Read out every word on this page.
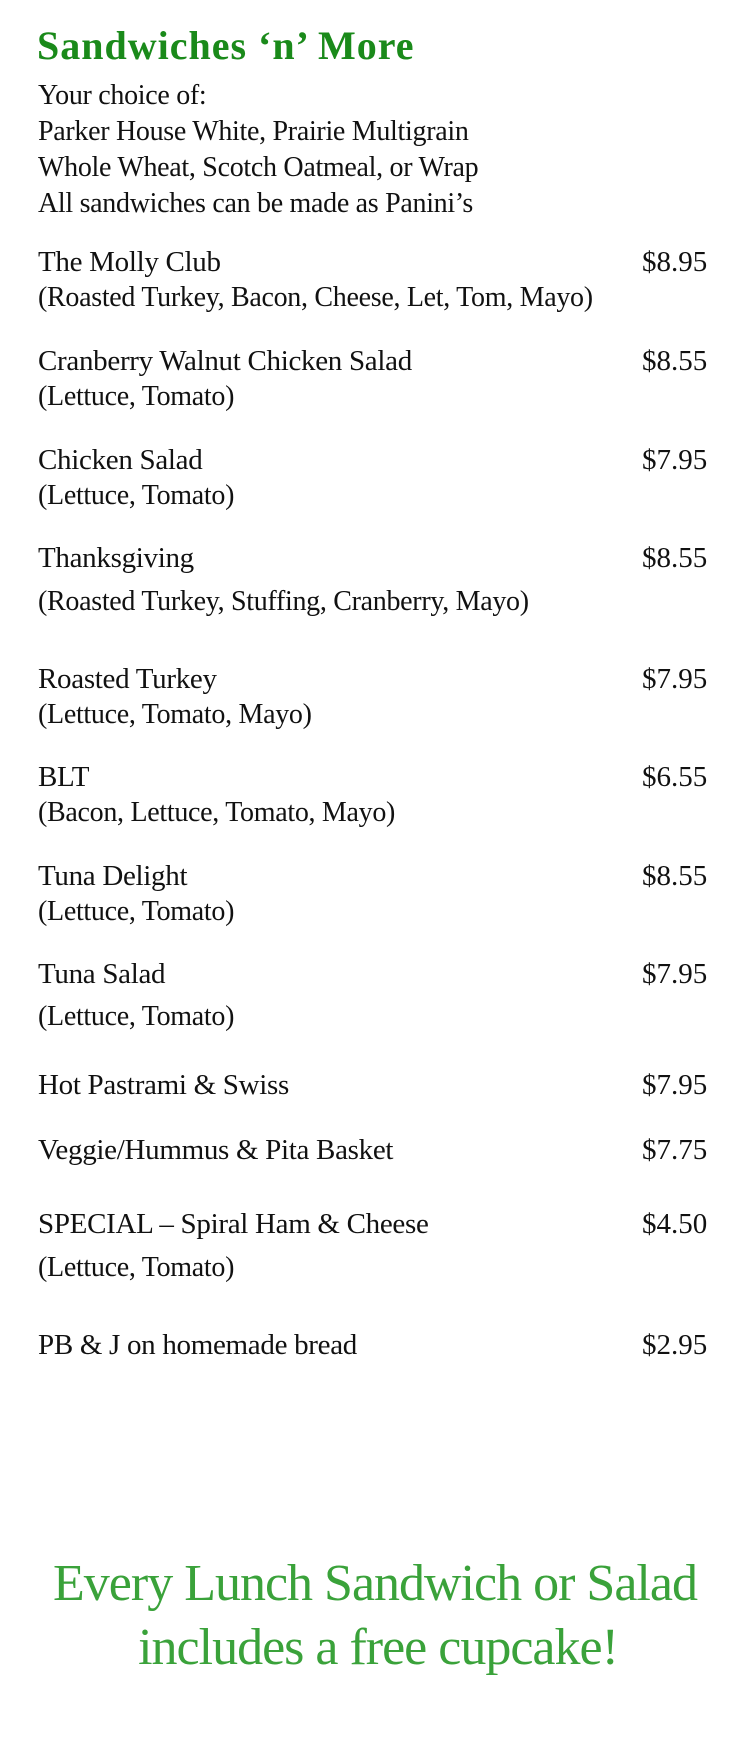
Sandwiches ‘n’ More
Your choice of:
Parker House White, Prairie Multigrain
Whole Wheat, Scotch Oatmeal, or Wrap
All sandwiches can be made as Panini’s
The Molly Club	$8.95
(Roasted Turkey, Bacon, Cheese, Let, Tom, Mayo)
Cranberry Walnut Chicken Salad	$8.55
(Lettuce, Tomato)
Chicken Salad	$7.95
(Lettuce, Tomato)
Thanksgiving	$8.55
(Roasted Turkey, Stuffing, Cranberry, Mayo)
Roasted Turkey	$7.95
(Lettuce, Tomato, Mayo)
BLT	$6.55
(Bacon, Lettuce, Tomato, Mayo)
Tuna Delight	$8.55
(Lettuce, Tomato)
Tuna Salad	$7.95
(Lettuce, Tomato)
Hot Pastrami & Swiss	$7.95
Veggie/Hummus & Pita Basket	$7.75
SPECIAL – Spiral Ham & Cheese	$4.50
(Lettuce, Tomato)
PB & J on homemade bread	$2.95
Every Lunch Sandwich or Salad
includes a free cupcake!
